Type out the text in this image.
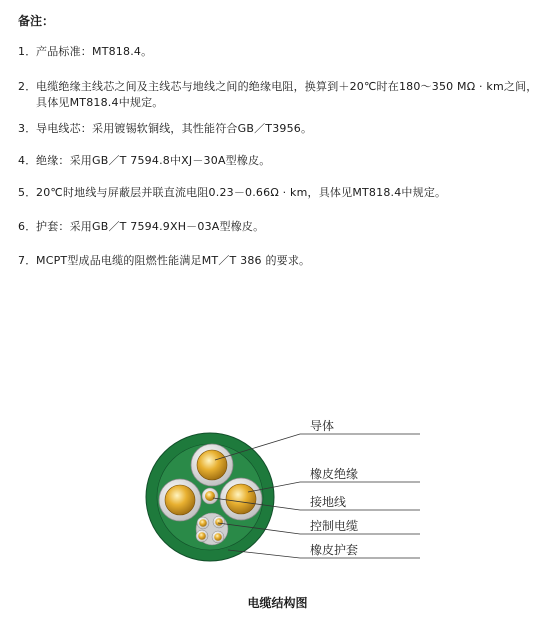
备注：
1．产品标准：MT818.4。
2．电缆绝缘主线芯之间及主线芯与地线之间的绝缘电阻，换算到＋20℃时在180～350 MΩ · km之间，
具体见MT818.4中规定。
3．导电线芯：采用镀锡软铜线，其性能符合GB／T3956。
4．绝缘：采用GB／T 7594.8中XJ－30A型橡皮。
5．20℃时地线与屏蔽层并联直流电阻0.23－0.66Ω · km，具体见MT818.4中规定。
6．护套：采用GB／T 7594.9XH－03A型橡皮。
7．MCPT型成品电缆的阻燃性能满足MT／T 386 的要求。
导体
橡皮绝缘
接地线
控制电缆
橡皮护套
电缆结构图
